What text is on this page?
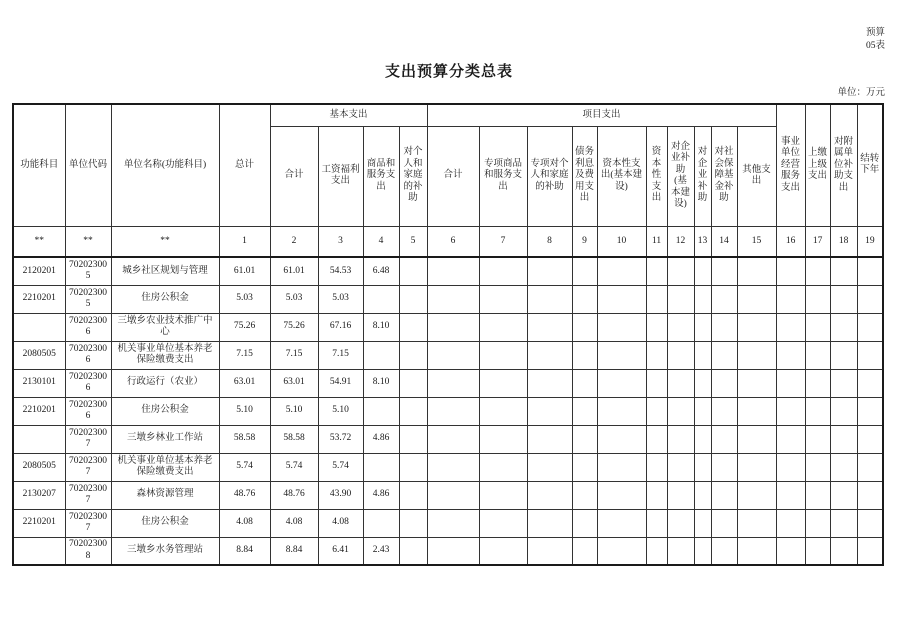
预算
05表
支出预算分类总表
单位：万元
功能科目	单位代码	单位名称(功能科目)	总计	基本支出				项目支出										事业单位经营服务支出	上缴上级支出	对附属单位补助支出	结转下年
				合计	工资福利支出	商品和服务支出	对个人和家庭的补助	合计	专项商品和服务支出	专项对个人和家庭的补助	债务利息及费用支出	资本性支出(基本建设)	资本性支出	对企业补助(基本建设)	对企业补助	对社会保障基金补助	其他支出				
**	**	**	1	2	3	4	5	6	7	8	9	10	11	12	13	14	15	16	17	18	19
2120201	702023005	城乡社区规划与管理	61.01	61.01	54.53	6.48															
2210201	702023005	住房公积金	5.03	5.03	5.03																
	702023006	三墩乡农业技术推广中心	75.26	75.26	67.16	8.10															
2080505	702023006	机关事业单位基本养老保险缴费支出	7.15	7.15	7.15																
2130101	702023006	行政运行（农业）	63.01	63.01	54.91	8.10															
2210201	702023006	住房公积金	5.10	5.10	5.10																
	702023007	三墩乡林业工作站	58.58	58.58	53.72	4.86															
2080505	702023007	机关事业单位基本养老保险缴费支出	5.74	5.74	5.74																
2130207	702023007	森林资源管理	48.76	48.76	43.90	4.86															
2210201	702023007	住房公积金	4.08	4.08	4.08																
	702023008	三墩乡水务管理站	8.84	8.84	6.41	2.43															
